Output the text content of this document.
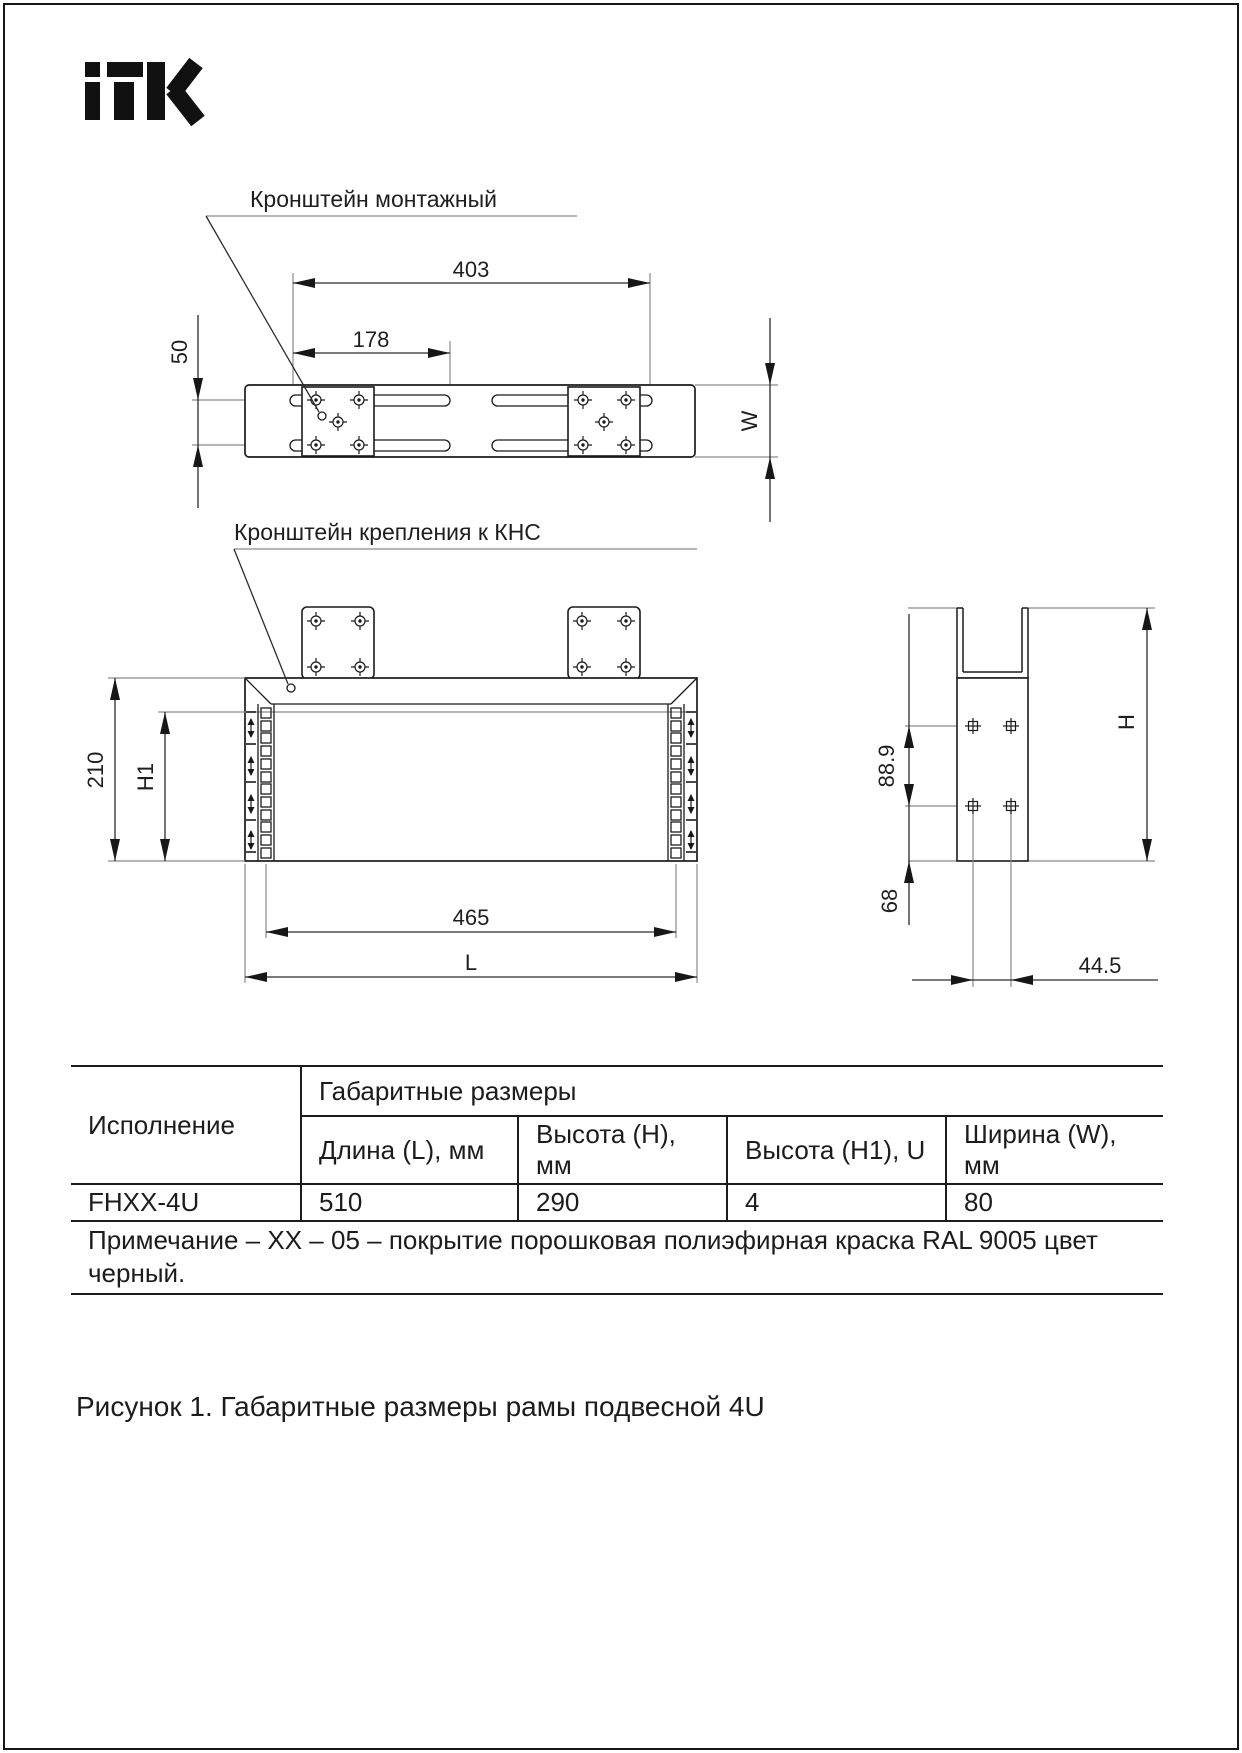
403
178
50
W
Кронштейн монтажный
210 H1
465
L
Кронштейн крепления к КНС
88.9
68
H
44.5
Исполнение	Габаритные размеры			
	Длина (L), мм	Высота (H), мм	Высота (H1), U	Ширина (W), мм
FHXX-4U	510	290	4	80
Примечание – XX – 05 – покрытие порошковая полиэфирная краска RAL 9005 цвет черный.				
Рисунок 1. Габаритные размеры рамы подвесной 4U
